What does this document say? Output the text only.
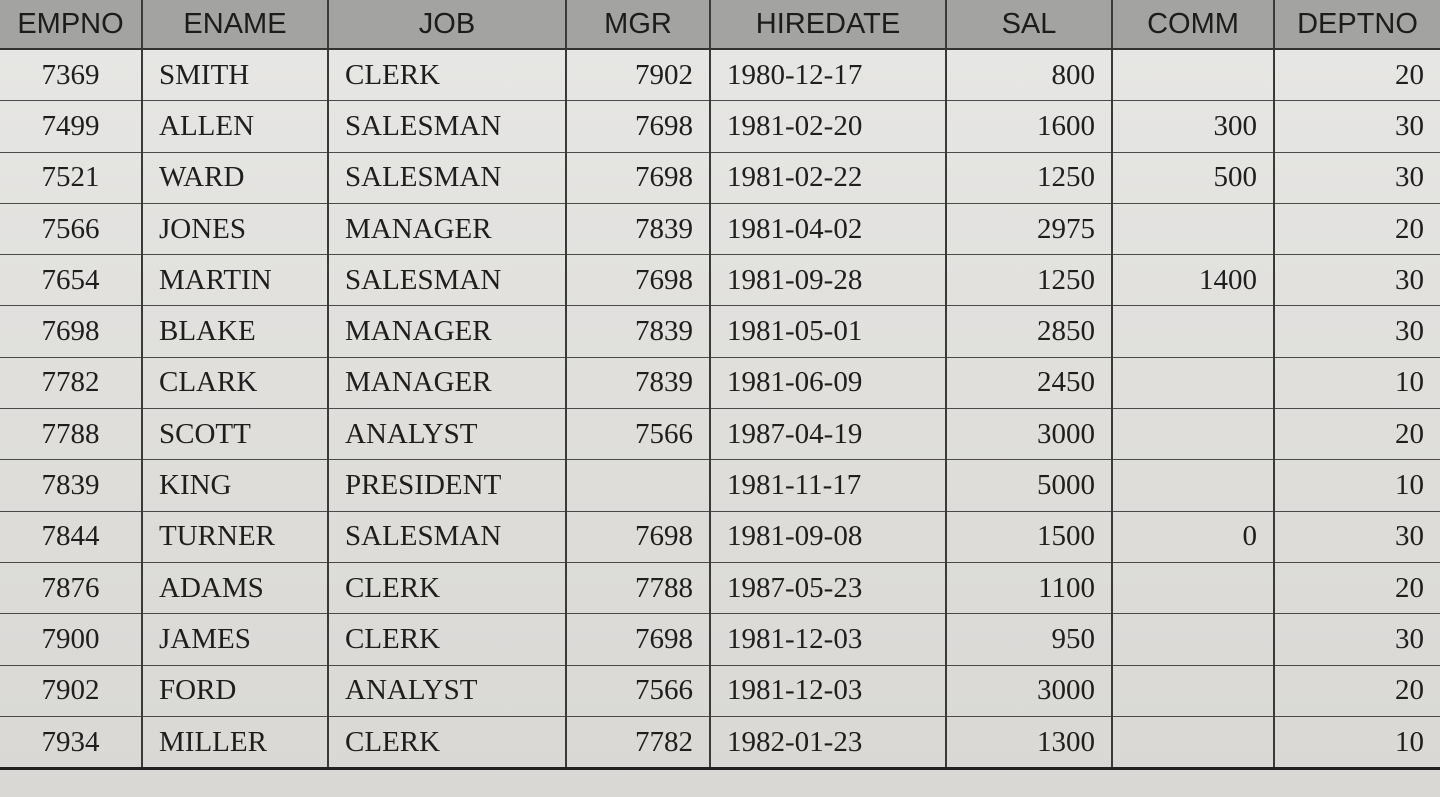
EMPNO	ENAME	JOB	MGR	HIREDATE	SAL	COMM	DEPTNO
7369	SMITH	CLERK	7902	1980-12-17	800		20
7499	ALLEN	SALESMAN	7698	1981-02-20	1600	300	30
7521	WARD	SALESMAN	7698	1981-02-22	1250	500	30
7566	JONES	MANAGER	7839	1981-04-02	2975		20
7654	MARTIN	SALESMAN	7698	1981-09-28	1250	1400	30
7698	BLAKE	MANAGER	7839	1981-05-01	2850		30
7782	CLARK	MANAGER	7839	1981-06-09	2450		10
7788	SCOTT	ANALYST	7566	1987-04-19	3000		20
7839	KING	PRESIDENT		1981-11-17	5000		10
7844	TURNER	SALESMAN	7698	1981-09-08	1500	0	30
7876	ADAMS	CLERK	7788	1987-05-23	1100		20
7900	JAMES	CLERK	7698	1981-12-03	950		30
7902	FORD	ANALYST	7566	1981-12-03	3000		20
7934	MILLER	CLERK	7782	1982-01-23	1300		10
